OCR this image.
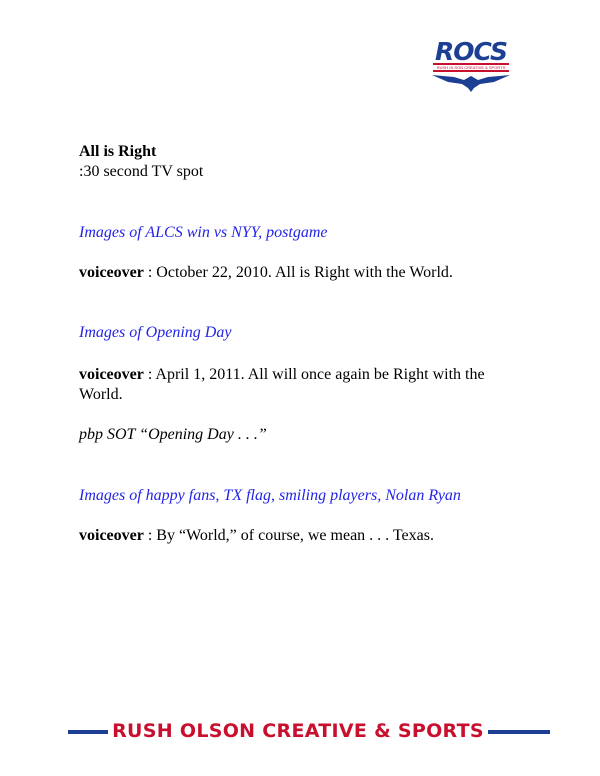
ROCS
RUSH OLSON CREATIVE & SPORTS
All is Right
:30 second TV spot
Images of ALCS win vs NYY, postgame
voiceover : October 22, 2010. All is Right with the World.
Images of Opening Day
voiceover : April 1, 2011. All will once again be Right with the World.
pbp SOT “Opening Day . . .”
Images of happy fans, TX flag, smiling players, Nolan Ryan
voiceover : By “World,” of course, we mean . . . Texas.
RUSH OLSON CREATIVE & SPORTS
